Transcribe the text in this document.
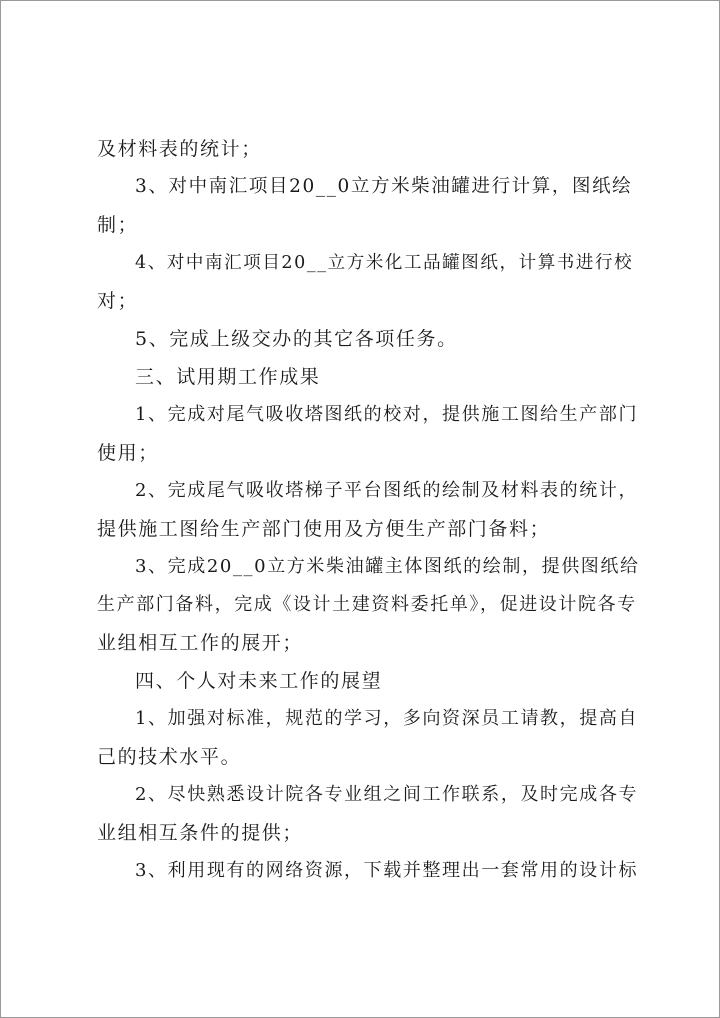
及材料表的统计；
3、对中南汇项目20__0立方米柴油罐进行计算，图纸绘
制；
4、对中南汇项目20__立方米化工品罐图纸，计算书进行校
对；
5、完成上级交办的其它各项任务。
三、试用期工作成果
1、完成对尾气吸收塔图纸的校对，提供施工图给生产部门
使用；
2、完成尾气吸收塔梯子平台图纸的绘制及材料表的统计，
提供施工图给生产部门使用及方便生产部门备料；
3、完成20__0立方米柴油罐主体图纸的绘制，提供图纸给
生产部门备料，完成《设计土建资料委托单》，促进设计院各专
业组相互工作的展开；
四、个人对未来工作的展望
1、加强对标准，规范的学习，多向资深员工请教，提高自
己的技术水平。
2、尽快熟悉设计院各专业组之间工作联系，及时完成各专
业组相互条件的提供；
3、利用现有的网络资源，下载并整理出一套常用的设计标
